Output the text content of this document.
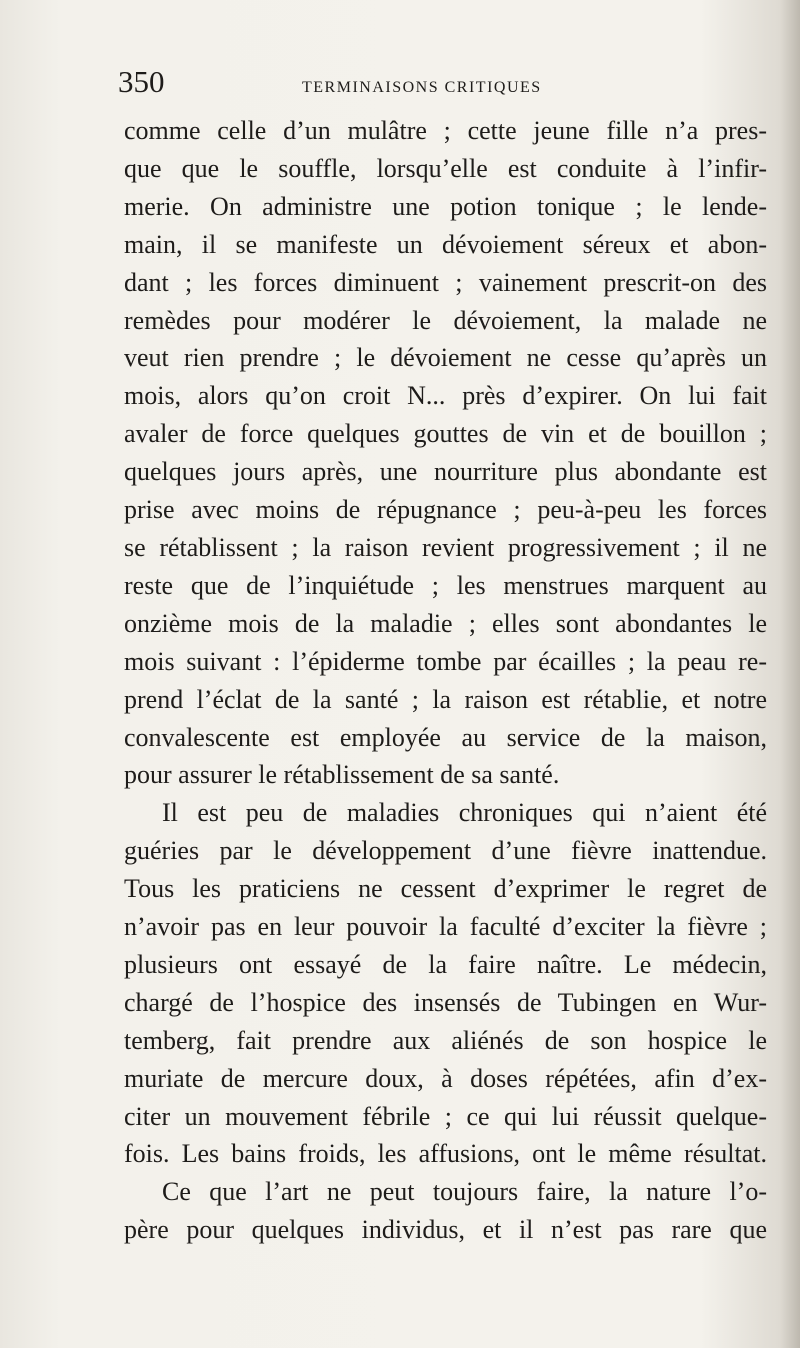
350	TERMINAISONS CRITIQUES

comme celle d’un mulâtre ; cette jeune fille n’a pres-
que que le souffle, lorsqu’elle est conduite à l’infir-
merie. On administre une potion tonique ; le lende-
main, il se manifeste un dévoiement séreux et abon-
dant ; les forces diminuent ; vainement prescrit-on des
remèdes pour modérer le dévoiement, la malade ne
veut rien prendre ; le dévoiement ne cesse qu’après un
mois, alors qu’on croit N... près d’expirer. On lui fait
avaler de force quelques gouttes de vin et de bouillon ;
quelques jours après, une nourriture plus abondante est
prise avec moins de répugnance ; peu-à-peu les forces
se rétablissent ; la raison revient progressivement ; il ne
reste que de l’inquiétude ; les menstrues marquent au
onzième mois de la maladie ; elles sont abondantes le
mois suivant : l’épiderme tombe par écailles ; la peau re-
prend l’éclat de la santé ; la raison est rétablie, et notre
convalescente est employée au service de la maison,
pour assurer le rétablissement de sa santé.

Il est peu de maladies chroniques qui n’aient été
guéries par le développement d’une fièvre inattendue.
Tous les praticiens ne cessent d’exprimer le regret de
n’avoir pas en leur pouvoir la faculté d’exciter la fièvre ;
plusieurs ont essayé de la faire naître. Le médecin,
chargé de l’hospice des insensés de Tubingen en Wur-
temberg, fait prendre aux aliénés de son hospice le
muriate de mercure doux, à doses répétées, afin d’ex-
citer un mouvement fébrile ; ce qui lui réussit quelque-
fois. Les bains froids, les affusions, ont le même résultat.

Ce que l’art ne peut toujours faire, la nature l’o-
père pour quelques individus, et il n’est pas rare que
